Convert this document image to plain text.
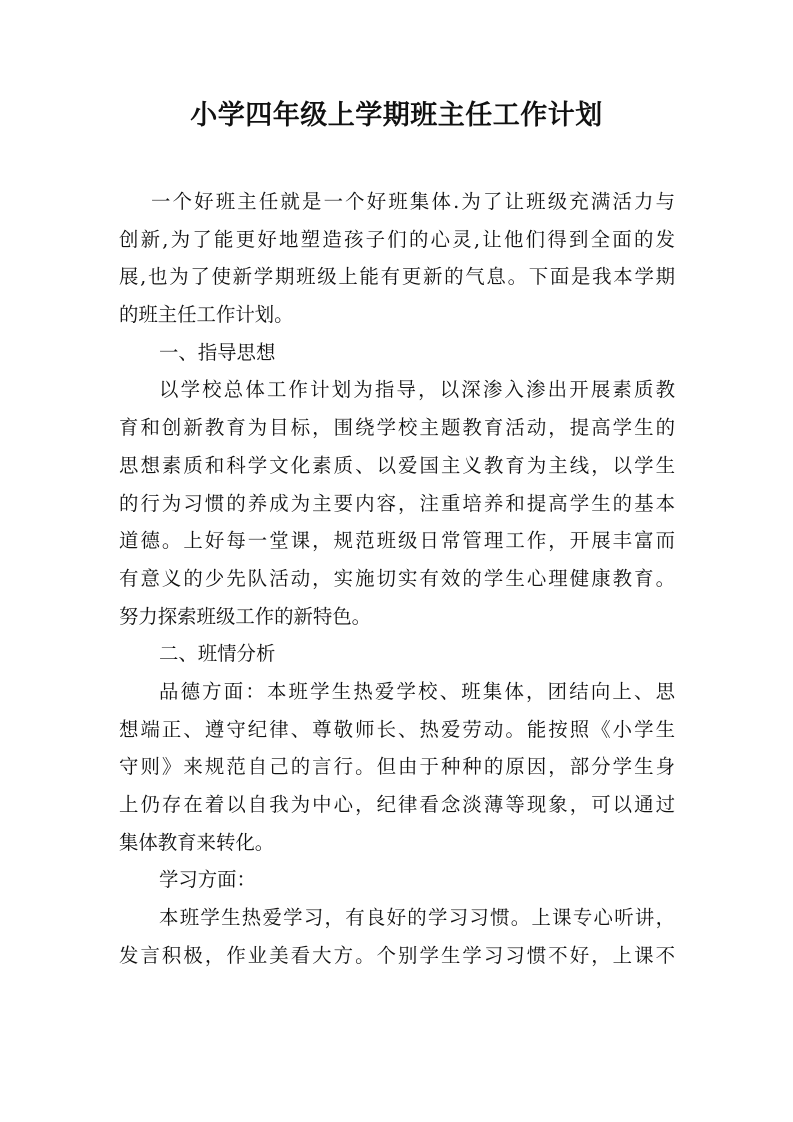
小学四年级上学期班主任工作计划
一个好班主任就是一个好班集体.为了让班级充满活力与
创新,为了能更好地塑造孩子们的心灵,让他们得到全面的发
展,也为了使新学期班级上能有更新的气息。下面是我本学期
的班主任工作计划。
一、指导思想
以学校总体工作计划为指导，以深渗入渗出开展素质教
育和创新教育为目标，围绕学校主题教育活动，提高学生的
思想素质和科学文化素质、以爱国主义教育为主线，以学生
的行为习惯的养成为主要内容，注重培养和提高学生的基本
道德。上好每一堂课，规范班级日常管理工作，开展丰富而
有意义的少先队活动，实施切实有效的学生心理健康教育。
努力探索班级工作的新特色。
二、班情分析
品德方面：本班学生热爱学校、班集体，团结向上、思
想端正、遵守纪律、尊敬师长、热爱劳动。能按照《小学生
守则》来规范自己的言行。但由于种种的原因，部分学生身
上仍存在着以自我为中心，纪律看念淡薄等现象，可以通过
集体教育来转化。
学习方面：
本班学生热爱学习，有良好的学习习惯。上课专心听讲，
发言积极，作业美看大方。个别学生学习习惯不好，上课不
